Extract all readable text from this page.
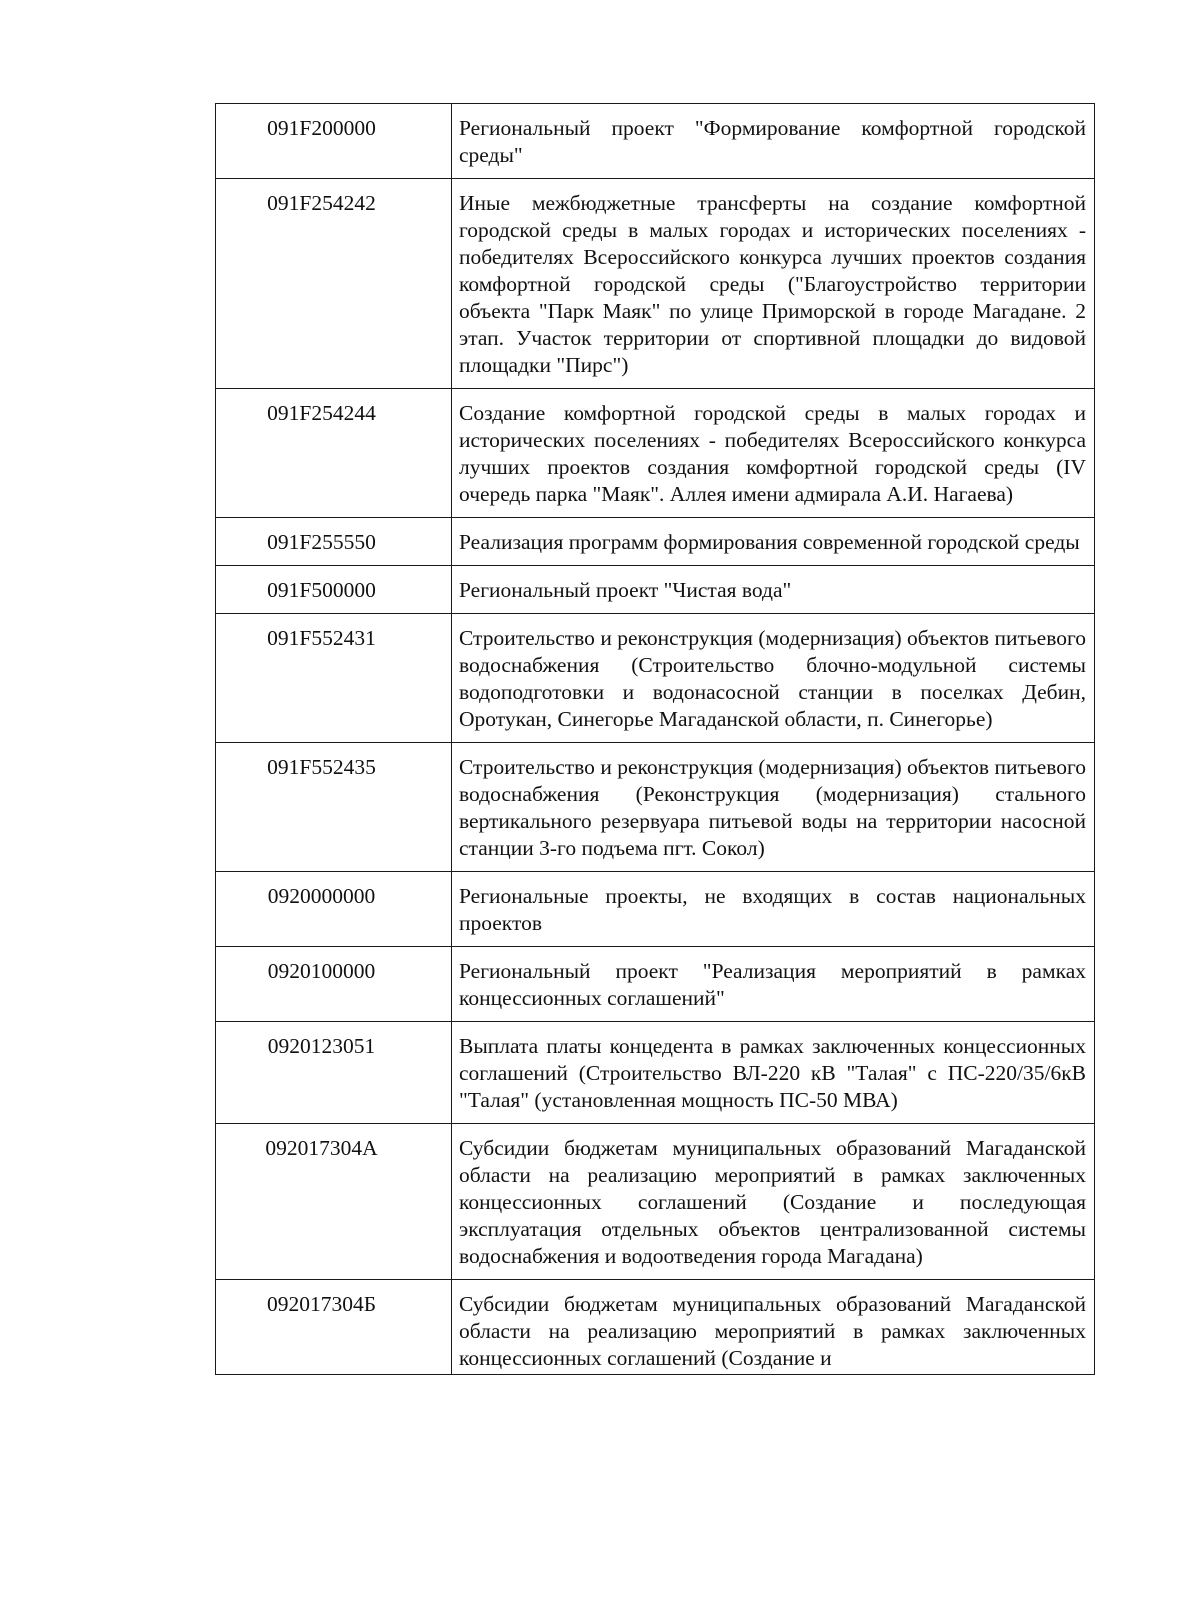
091F200000	Региональный проект "Формирование комфортной городской среды"
091F254242	Иные межбюджетные трансферты на создание комфортной городской среды в малых городах и исторических поселениях - победителях Всероссийского конкурса лучших проектов создания комфортной городской среды ("Благоустройство территории объекта "Парк Маяк" по улице Приморской в городе Магадане. 2 этап. Участок территории от спортивной площадки до видовой площадки "Пирс")
091F254244	Создание комфортной городской среды в малых городах и исторических поселениях - победителях Всероссийского конкурса лучших проектов создания комфортной городской среды (IV очередь парка "Маяк". Аллея имени адмирала А.И. Нагаева)
091F255550	Реализация программ формирования современной городской среды
091F500000	Региональный проект "Чистая вода"
091F552431	Строительство и реконструкция (модернизация) объектов питьевого водоснабжения (Строительство блочно-модульной системы водоподготовки и водонасосной станции в поселках Дебин, Оротукан, Синегорье Магаданской области, п. Синегорье)
091F552435	Строительство и реконструкция (модернизация) объектов питьевого водоснабжения (Реконструкция (модернизация) стального вертикального резервуара питьевой воды на территории насосной станции 3-го подъема пгт. Сокол)
0920000000	Региональные проекты, не входящих в состав национальных проектов
0920100000	Региональный проект "Реализация мероприятий в рамках концессионных соглашений"
0920123051	Выплата платы концедента в рамках заключенных концессионных соглашений (Строительство ВЛ-220 кВ "Талая" с ПС-220/35/6кВ "Талая" (установленная мощность ПС-50 МВА)
092017304А	Субсидии бюджетам муниципальных образований Магаданской области на реализацию мероприятий в рамках заключенных концессионных соглашений (Создание и последующая эксплуатация отдельных объектов централизованной системы водоснабжения и водоотведения города Магадана)
092017304Б	Субсидии бюджетам муниципальных образований Магаданской области на реализацию мероприятий в рамках заключенных концессионных соглашений (Создание и
